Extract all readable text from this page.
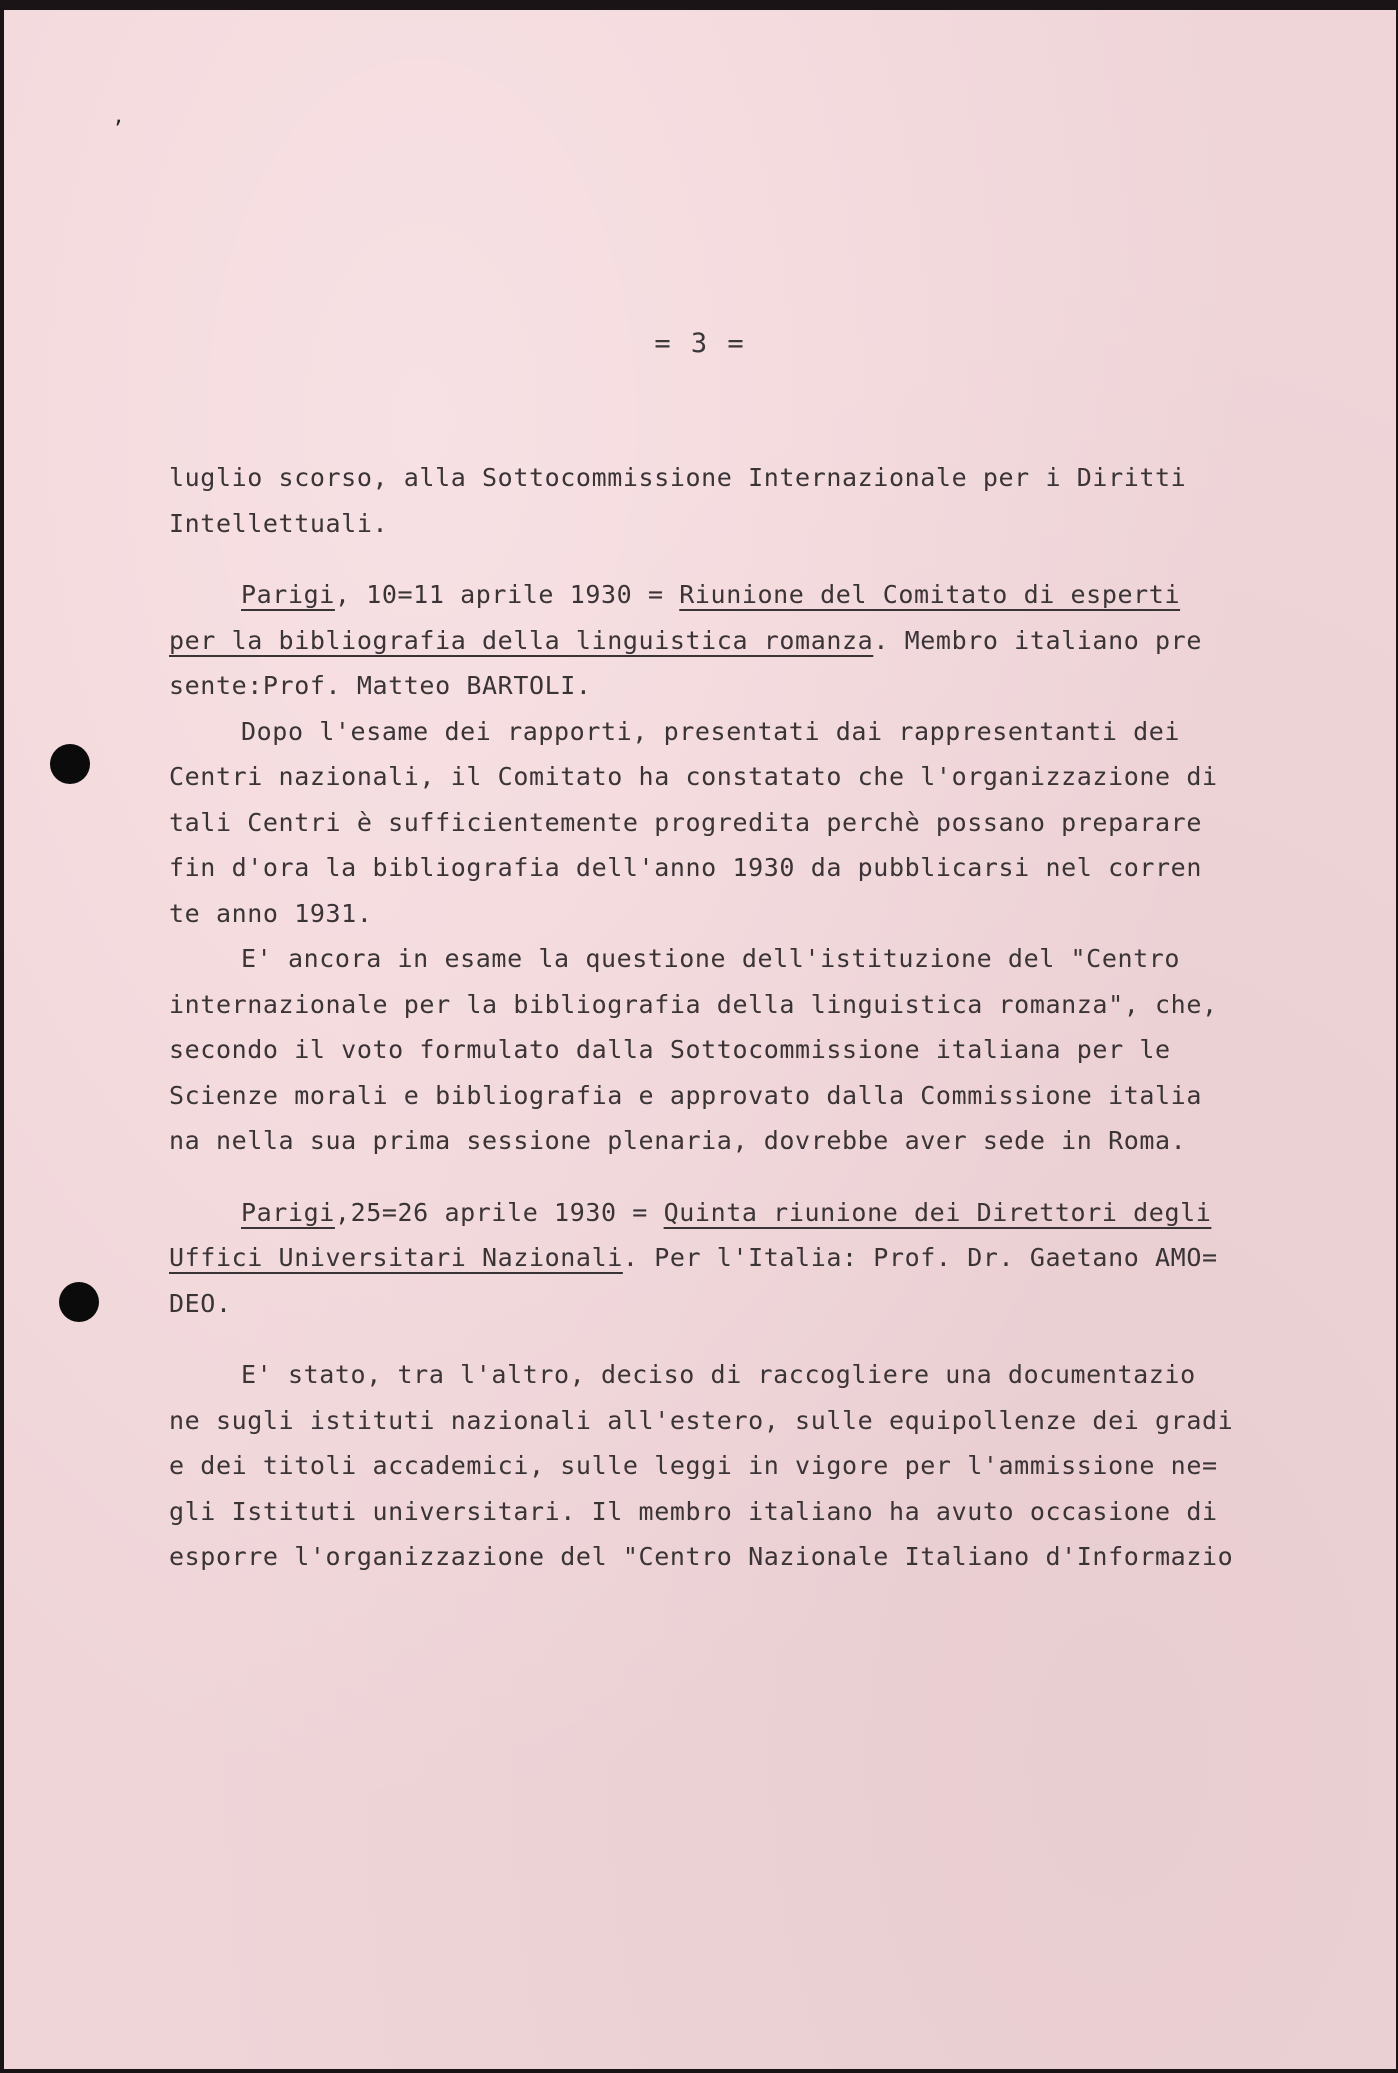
ʼ
= 3 =

luglio scorso, alla Sottocommissione Internazionale per i Diritti
Intellettuali.

Parigi, 10=11 aprile 1930 = Riunione del Comitato di esperti
per la bibliografia della linguistica romanza. Membro italiano pre
sente:Prof. Matteo BARTOLI.

Dopo l'esame dei rapporti, presentati dai rappresentanti dei
Centri nazionali, il Comitato ha constatato che l'organizzazione di
tali Centri è sufficientemente progredita perchè possano preparare
fin d'ora la bibliografia dell'anno 1930 da pubblicarsi nel corren
te anno 1931.

E' ancora in esame la questione dell'istituzione del "Centro
internazionale per la bibliografia della linguistica romanza", che,
secondo il voto formulato dalla Sottocommissione italiana per le
Scienze morali e bibliografia e approvato dalla Commissione italia
na nella sua prima sessione plenaria, dovrebbe aver sede in Roma.

Parigi,25=26 aprile 1930 = Quinta riunione dei Direttori degli
Uffici Universitari Nazionali. Per l'Italia: Prof. Dr. Gaetano AMO=
DEO.

E' stato, tra l'altro, deciso di raccogliere una documentazio
ne sugli istituti nazionali all'estero, sulle equipollenze dei gradi
e dei titoli accademici, sulle leggi in vigore per l'ammissione ne=
gli Istituti universitari. Il membro italiano ha avuto occasione di
esporre l'organizzazione del "Centro Nazionale Italiano d'Informazio
